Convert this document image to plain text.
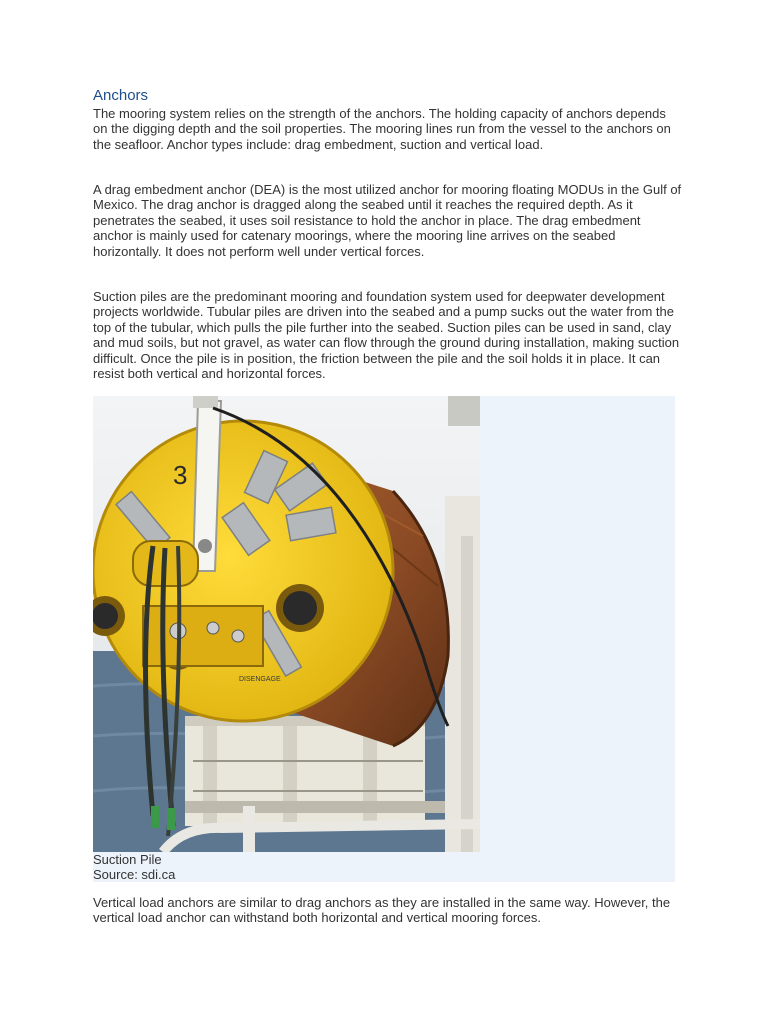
Anchors

The mooring system relies on the strength of the anchors. The holding capacity of anchors depends on the digging depth and the soil properties. The mooring lines run from the vessel to the anchors on the seafloor. Anchor types include: drag embedment, suction and vertical load.

A drag embedment anchor (DEA) is the most utilized anchor for mooring floating MODUs in the Gulf of Mexico. The drag anchor is dragged along the seabed until it reaches the required depth. As it penetrates the seabed, it uses soil resistance to hold the anchor in place. The drag embedment anchor is mainly used for catenary moorings, where the mooring line arrives on the seabed horizontally. It does not perform well under vertical forces.

Suction piles are the predominant mooring and foundation system used for deepwater development projects worldwide. Tubular piles are driven into the seabed and a pump sucks out the water from the top of the tubular, which pulls the pile further into the seabed. Suction piles can be used in sand, clay and mud soils, but not gravel, as water can flow through the ground during installation, making suction difficult. Once the pile is in position, the friction between the pile and the soil holds it in place. It can resist both vertical and horizontal forces.

3
DISENGAGE

Suction Pile

Source: sdi.ca

Vertical load anchors are similar to drag anchors as they are installed in the same way. However, the vertical load anchor can withstand both horizontal and vertical mooring forces.
